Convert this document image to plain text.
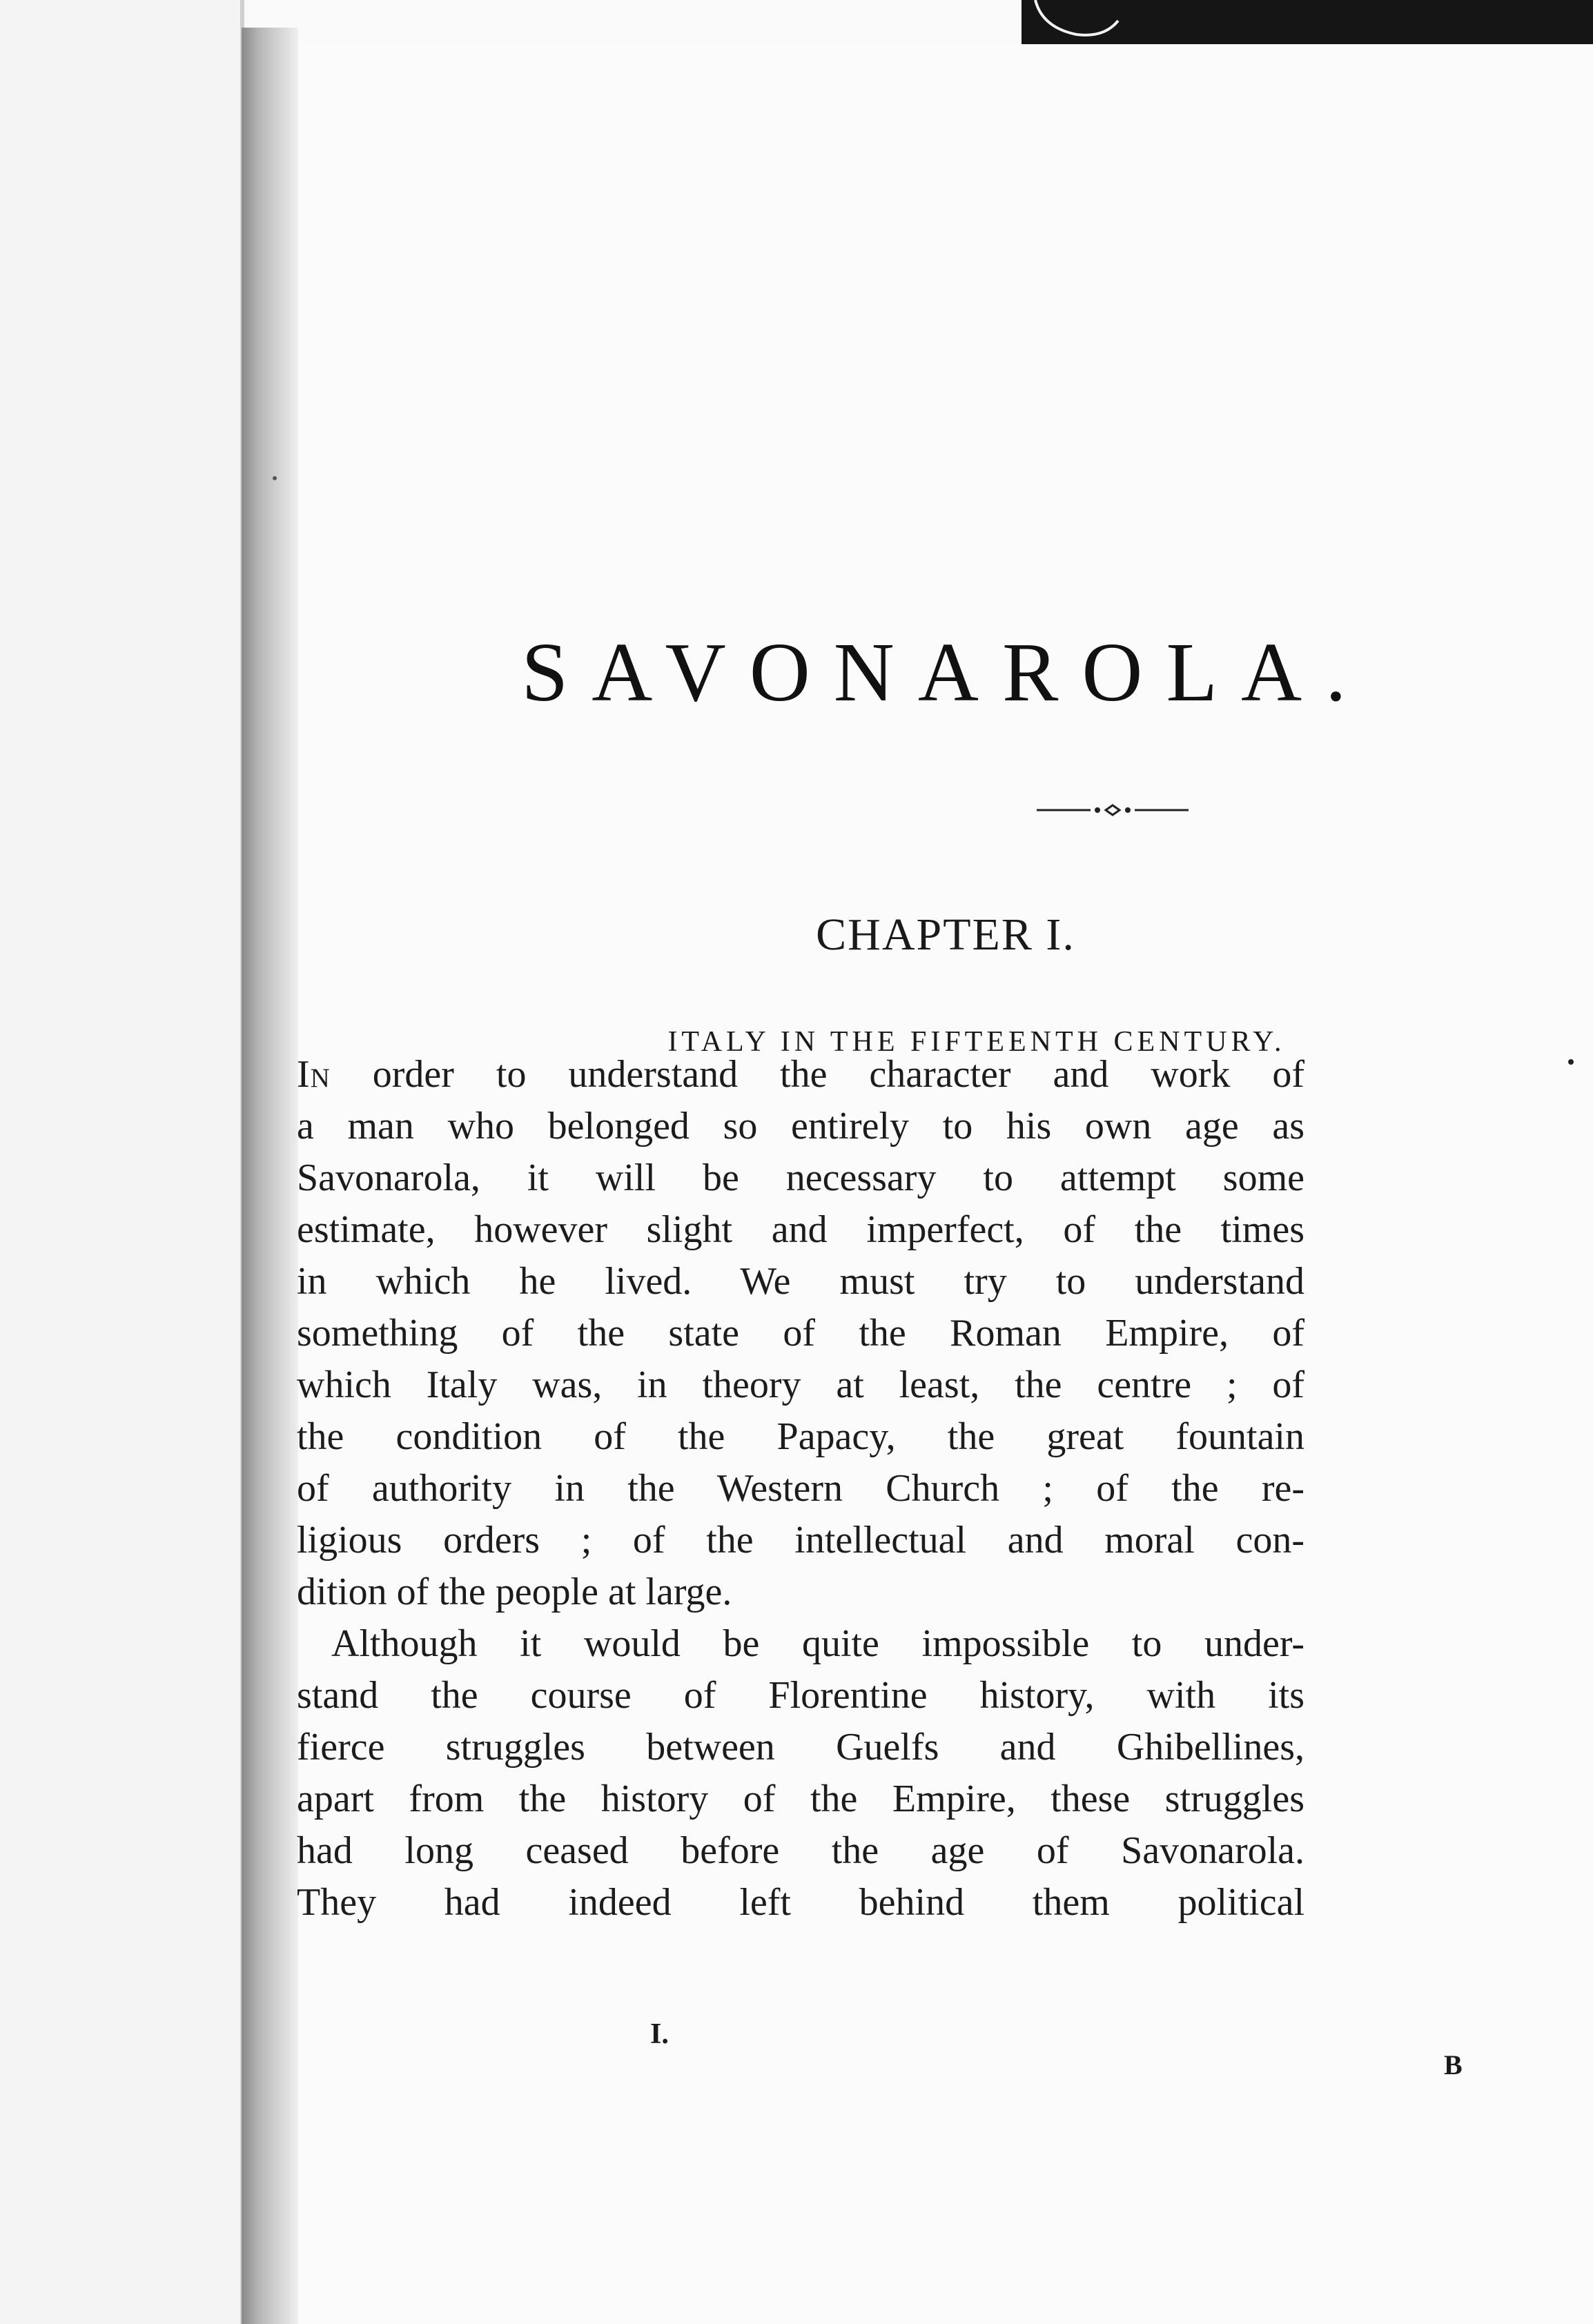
SAVONAROLA.
CHAPTER I.
ITALY IN THE FIFTEENTH CENTURY.
I.
B
In order to understand the character and work of
a man who belonged so entirely to his own age as
Savonarola, it will be necessary to attempt some
estimate, however slight and imperfect, of the times
in which he lived. We must try to understand
something of the state of the Roman Empire, of
which Italy was, in theory at least, the centre ; of
the condition of the Papacy, the great fountain
of authority in the Western Church ; of the re-
ligious orders ; of the intellectual and moral con-
dition of the people at large.
Although it would be quite impossible to under-
stand the course of Florentine history, with its
fierce struggles between Guelfs and Ghibellines,
apart from the history of the Empire, these struggles
had long ceased before the age of Savonarola.
They had indeed left behind them political
